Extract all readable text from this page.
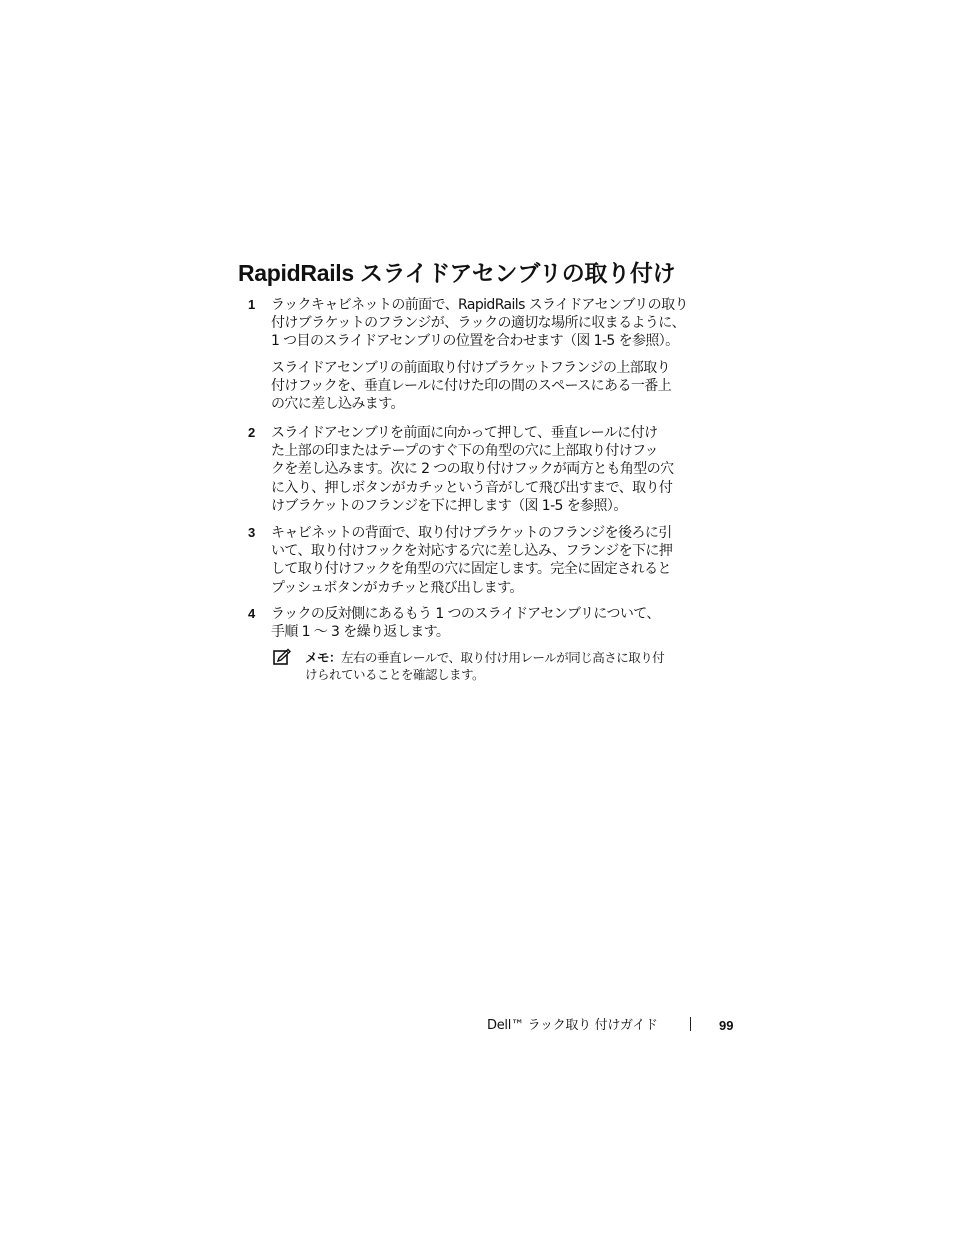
RapidRails スライドアセンブリの取り付け
1 ラックキャビネットの前面で、RapidRails スライドアセンブリの取り
付けブラケットのフランジが、ラックの適切な場所に収まるように、
1 つ目のスライドアセンブリの位置を合わせます（図 1-5 を参照）。
スライドアセンブリの前面取り付けブラケットフランジの上部取り
付けフックを、垂直レールに付けた印の間のスペースにある一番上
の穴に差し込みます。
2 スライドアセンブリを前面に向かって押して、垂直レールに付け
た上部の印またはテープのすぐ下の角型の穴に上部取り付けフッ
クを差し込みます。次に 2 つの取り付けフックが両方とも角型の穴
に入り、押しボタンがカチッという音がして飛び出すまで、取り付
けブラケットのフランジを下に押します（図 1-5 を参照）。
3 キャビネットの背面で、取り付けブラケットのフランジを後ろに引
いて、取り付けフックを対応する穴に差し込み、フランジを下に押
して取り付けフックを角型の穴に固定します。完全に固定されると
プッシュボタンがカチッと飛び出します。
4 ラックの反対側にあるもう 1 つのスライドアセンブリについて、
手順 1 〜 3 を繰り返します。
メモ：左右の垂直レールで、取り付け用レールが同じ高さに取り付
けられていることを確認します。
Dell™ ラック取り 付けガイド	99
